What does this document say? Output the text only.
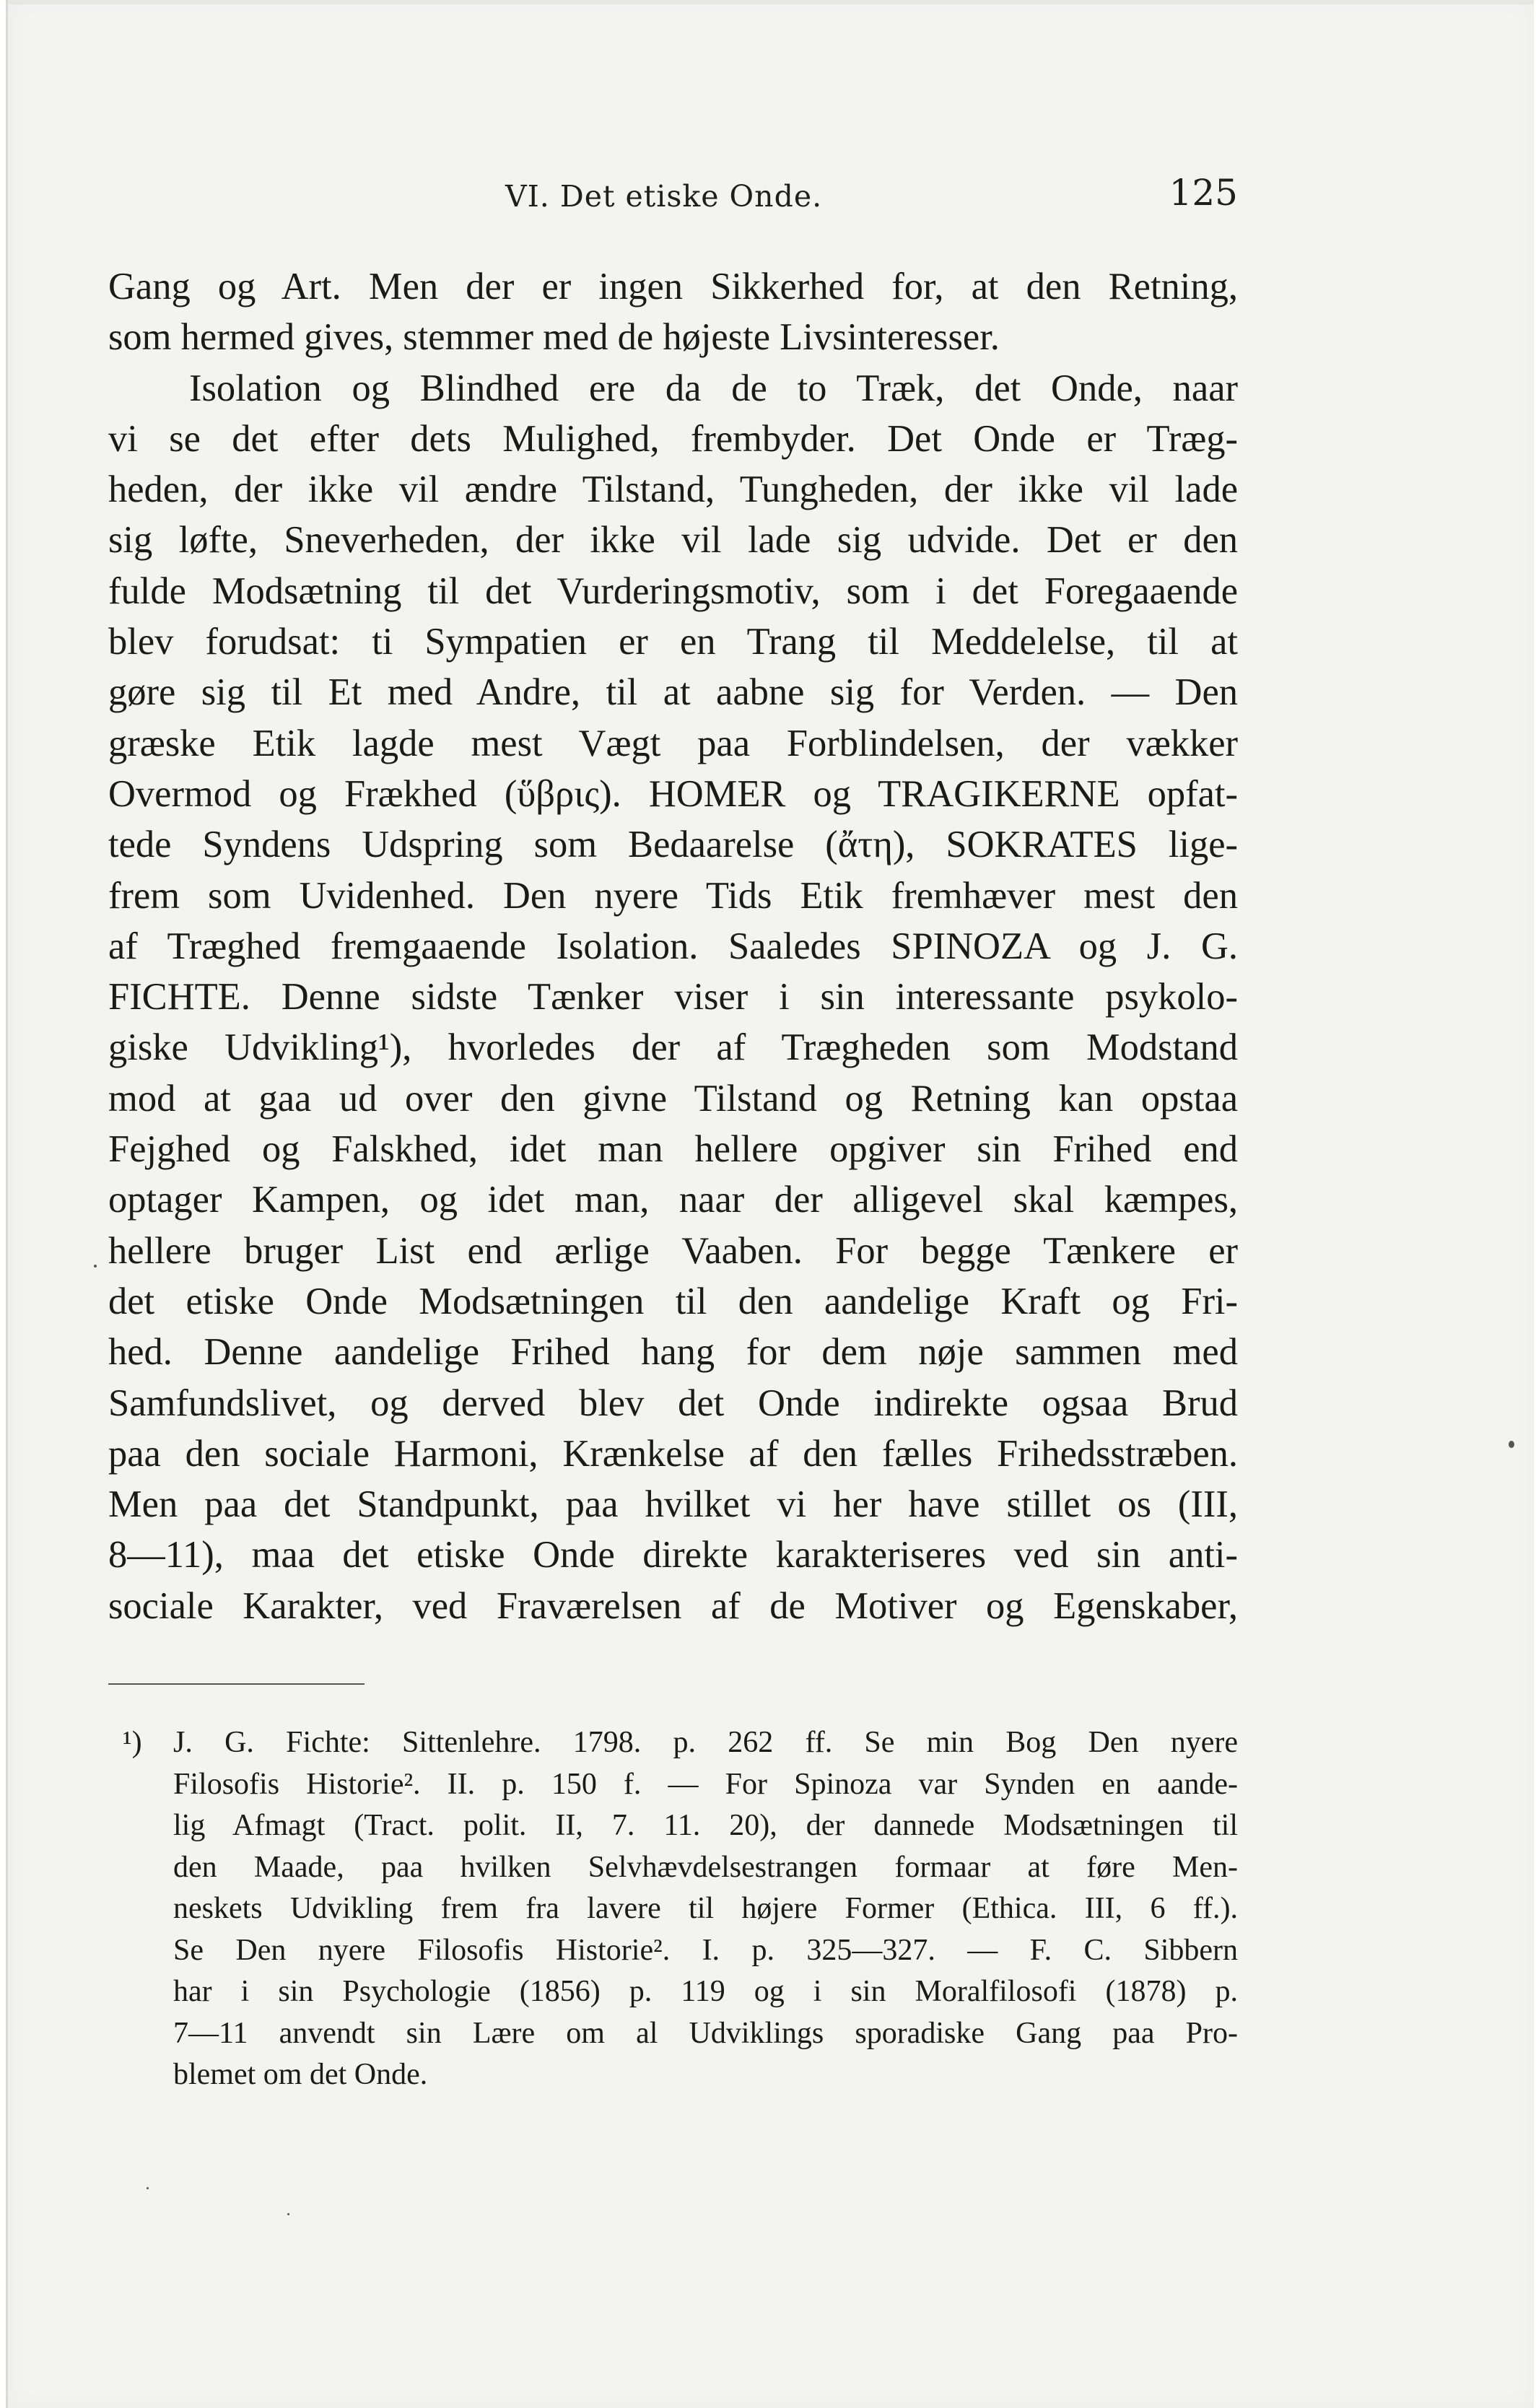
VI. Det etiske Onde.	125
Gang og Art. Men der er ingen Sikkerhed for, at den Retning,
som hermed gives, stemmer med de højeste Livsinteresser.
Isolation og Blindhed ere da de to Træk, det Onde, naar
vi se det efter dets Mulighed, frembyder. Det Onde er Træg-
heden, der ikke vil ændre Tilstand, Tungheden, der ikke vil lade
sig løfte, Sneverheden, der ikke vil lade sig udvide. Det er den
fulde Modsætning til det Vurderingsmotiv, som i det Foregaaende
blev forudsat: ti Sympatien er en Trang til Meddelelse, til at
gøre sig til Et med Andre, til at aabne sig for Verden. — Den
græske Etik lagde mest Vægt paa Forblindelsen, der vækker
Overmod og Frækhed (ὕβρις). HOMER og TRAGIKERNE opfat-
tede Syndens Udspring som Bedaarelse (ἄτη), SOKRATES lige-
frem som Uvidenhed. Den nyere Tids Etik fremhæver mest den
af Træghed fremgaaende Isolation. Saaledes SPINOZA og J. G.
FICHTE. Denne sidste Tænker viser i sin interessante psykolo-
giske Udvikling¹), hvorledes der af Trægheden som Modstand
mod at gaa ud over den givne Tilstand og Retning kan opstaa
Fejghed og Falskhed, idet man hellere opgiver sin Frihed end
optager Kampen, og idet man, naar der alligevel skal kæmpes,
hellere bruger List end ærlige Vaaben. For begge Tænkere er
det etiske Onde Modsætningen til den aandelige Kraft og Fri-
hed. Denne aandelige Frihed hang for dem nøje sammen med
Samfundslivet, og derved blev det Onde indirekte ogsaa Brud
paa den sociale Harmoni, Krænkelse af den fælles Frihedsstræben.
Men paa det Standpunkt, paa hvilket vi her have stillet os (III,
8—11), maa det etiske Onde direkte karakteriseres ved sin anti-
sociale Karakter, ved Fraværelsen af de Motiver og Egenskaber,
¹) J. G. Fichte: Sittenlehre. 1798. p. 262 ff. Se min Bog Den nyere
Filosofis Historie². II. p. 150 f. — For Spinoza var Synden en aande-
lig Afmagt (Tract. polit. II, 7. 11. 20), der dannede Modsætningen til
den Maade, paa hvilken Selvhævdelsestrangen formaar at føre Men-
neskets Udvikling frem fra lavere til højere Former (Ethica. III, 6 ff.).
Se Den nyere Filosofis Historie². I. p. 325—327. — F. C. Sibbern
har i sin Psychologie (1856) p. 119 og i sin Moralfilosofi (1878) p.
7—11 anvendt sin Lære om al Udviklings sporadiske Gang paa Pro-
blemet om det Onde.
